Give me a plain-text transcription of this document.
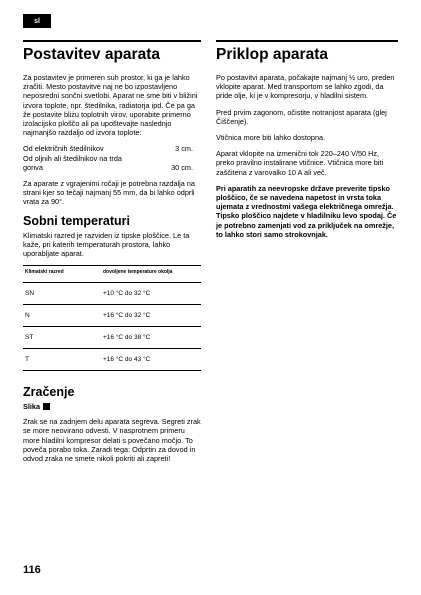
sl
Postavitev aparata

Za postavitev je primeren suh prostor, ki ga je lahko zračiti. Mesto postavitve naj ne bo izpostavljeno neposredni sončni svetlobi. Aparat ne sme biti v bližini izvora toplote, npr. štedilnika, radiatorja ipd. Če pa ga že postavite bliżu toplotnih virov, uporabite primerno izolacijsko ploščo ali pa upoštevajte naslednjo najmanjšo razdaljo od izvora toplote:

Od električnih štedilnikov	3 cm.
Od oljnih ali štedilnikov na trda goriva	30 cm.

Za aparate z vgrajenimi ročaji je potrebna razdalja na strani kjer so tečaji najmanj 55 mm, da bi lahko odprli vrata za 90°.

Sobni temperaturi

Klimatski razred je razviden iz tipske ploščice. Le ta kaže, pri katerih temperaturah prostora, lahko uporabljate aparat.

Klimatski razred	dovoljene temperature okolja
SN	+10 °C do 32 °C
N	+16 °C do 32 °C
ST	+16 °C do 38 °C
T	+16 °C do 43 °C
Zračenje
Slika

Zrak se na zadnjem delu aparata segreva. Segreti zrak se more neovirano odvesti. V nasprotnem primeru more hladilni kompresor delati s povečano močjo. To poveča porabo toka. Zaradi tega: Odprtin za dovod in odvod zraka ne smete nikoli pokriti ali zapreti!

Priklop aparata

Po postavitvi aparata, počakajte najmanj ½ uro, preden vklopite aparat. Med transportom se lahko zgodi, da pride olje, ki je v kompresorju, v hladilni sistem.

Pred prvim zagonom, očistite notranjost aparata (glej Čiščenje).

Vtičnica more biti lahko dostopna.

Aparat vklopite na izmenični tok 220–240 V/50 Hz, preko pravilno instalirane vtičnice. Vtičnica more biti zaščitena z varovalko 10 A ali več.

Pri aparatih za neevropske države preverite tipsko ploščico, če se navedena napetost in vrsta toka ujemata z vrednostmi vašega električnega omrežja. Tipsko ploščico najdete v hladilniku levo spodaj. Če je potrebno zamenjati vod za priključek na omrežje, to lahko stori samo strokovnjak.

116
